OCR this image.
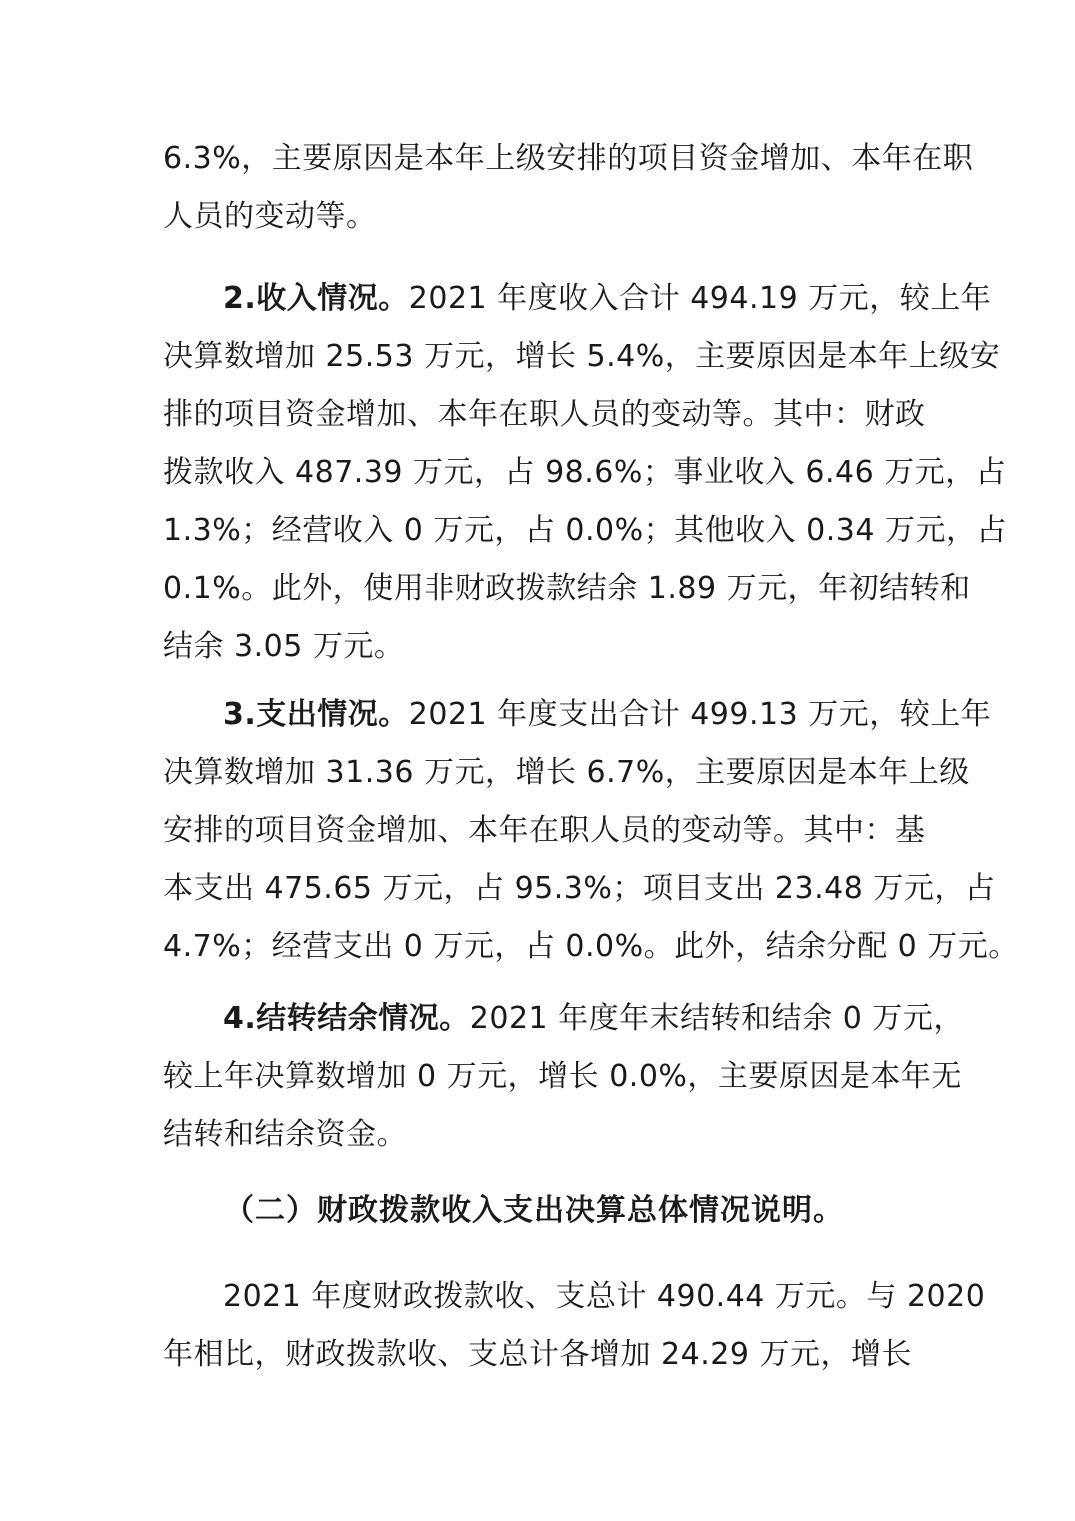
6.3%，主要原因是本年上级安排的项目资金增加、本年在职
人员的变动等。
2.收入情况。2021 年度收入合计 494.19 万元，较上年
决算数增加 25.53 万元，增长 5.4%，主要原因是本年上级安
排的项目资金增加、本年在职人员的变动等。其中：财政
拨款收入 487.39 万元，占 98.6%；事业收入 6.46 万元，占
1.3%；经营收入 0 万元，占 0.0%；其他收入 0.34 万元，占
0.1%。此外，使用非财政拨款结余 1.89 万元，年初结转和
结余 3.05 万元。
3.支出情况。2021 年度支出合计 499.13 万元，较上年
决算数增加 31.36 万元，增长 6.7%，主要原因是本年上级
安排的项目资金增加、本年在职人员的变动等。其中：基
本支出 475.65 万元，占 95.3%；项目支出 23.48 万元，占
4.7%；经营支出 0 万元，占 0.0%。此外，结余分配 0 万元。
4.结转结余情况。2021 年度年末结转和结余 0 万元，
较上年决算数增加 0 万元，增长 0.0%，主要原因是本年无
结转和结余资金。

（二）财政拨款收入支出决算总体情况说明。

2021 年度财政拨款收、支总计 490.44 万元。与 2020
年相比，财政拨款收、支总计各增加 24.29 万元，增长
